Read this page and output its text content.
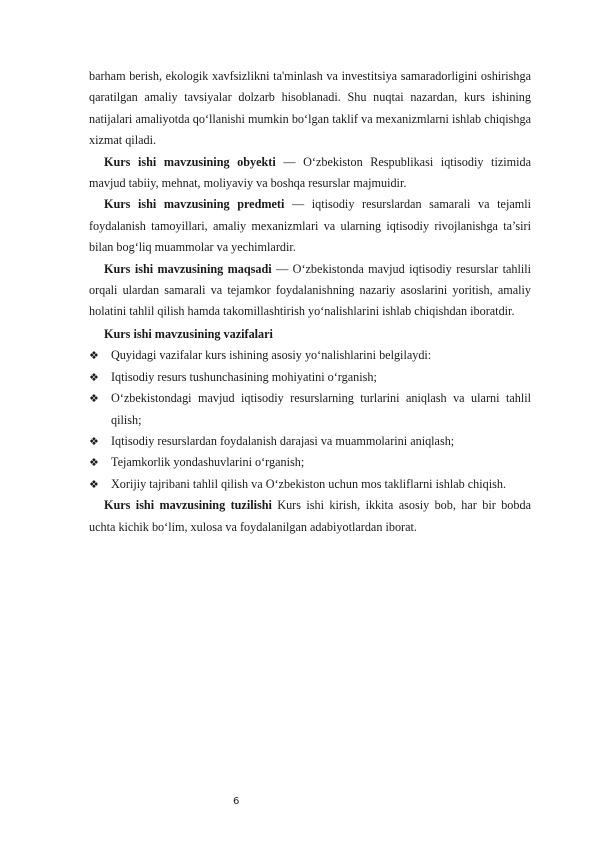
barham berish, ekologik xavfsizlikni ta'minlash va investitsiya samaradorligini oshirishga qaratilgan amaliy tavsiyalar dolzarb hisoblanadi. Shu nuqtai nazardan, kurs ishining natijalari amaliyotda qo‘llanishi mumkin bo‘lgan taklif va mexanizmlarni ishlab chiqishga xizmat qiladi.

Kurs ishi mavzusining obyekti — O‘zbekiston Respublikasi iqtisodiy tizimida mavjud tabiiy, mehnat, moliyaviy va boshqa resurslar majmuidir.

Kurs ishi mavzusining predmeti — iqtisodiy resurslardan samarali va tejamli foydalanish tamoyillari, amaliy mexanizmlari va ularning iqtisodiy rivojlanishga ta’siri bilan bog‘liq muammolar va yechimlardir.

Kurs ishi mavzusining maqsadi — O‘zbekistonda mavjud iqtisodiy resurslar tahlili orqali ulardan samarali va tejamkor foydalanishning nazariy asoslarini yoritish, amaliy holatini tahlil qilish hamda takomillashtirish yo‘nalishlarini ishlab chiqishdan iboratdir.

Kurs ishi mavzusining vazifalari

❖ Quyidagi vazifalar kurs ishining asosiy yo‘nalishlarini belgilaydi:
❖ Iqtisodiy resurs tushunchasining mohiyatini o‘rganish;
❖ O‘zbekistondagi mavjud iqtisodiy resurslarning turlarini aniqlash va ularni tahlil qilish;
❖ Iqtisodiy resurslardan foydalanish darajasi va muammolarini aniqlash;
❖ Tejamkorlik yondashuvlarini o‘rganish;
❖ Xorijiy tajribani tahlil qilish va O‘zbekiston uchun mos takliflarni ishlab chiqish.

Kurs ishi mavzusining tuzilishi Kurs ishi kirish, ikkita asosiy bob, har bir bobda uchta kichik bo‘lim, xulosa va foydalanilgan adabiyotlardan iborat.

6
